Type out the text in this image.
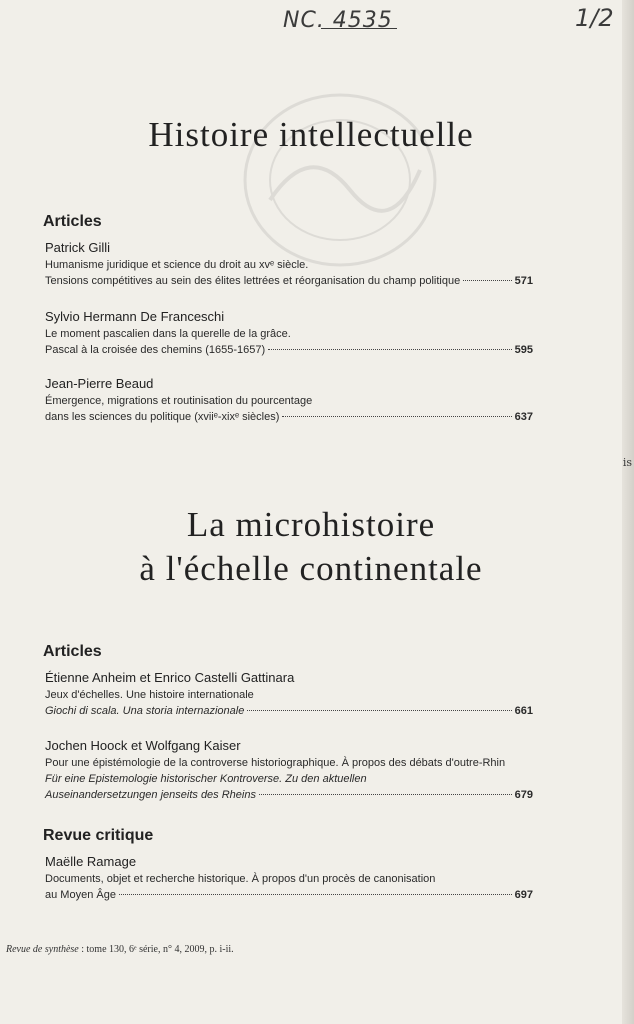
NC. 4535	1/2
is
Histoire intellectuelle
Articles
Patrick Gilli
Humanisme juridique et science du droit au xvᵉ siècle.
Tensions compétitives au sein des élites lettrées et réorganisation du champ politique	571
Sylvio Hermann De Franceschi
Le moment pascalien dans la querelle de la grâce.
Pascal à la croisée des chemins (1655-1657)	595
Jean-Pierre Beaud
Émergence, migrations et routinisation du pourcentage
dans les sciences du politique (xviiᵉ-xixᵉ siècles)	637
La microhistoire
à l'échelle continentale
Articles
Étienne Anheim et Enrico Castelli Gattinara
Jeux d'échelles. Une histoire internationale
Giochi di scala. Una storia internazionale	661
Jochen Hoock et Wolfgang Kaiser
Pour une épistémologie de la controverse historiographique. À propos des débats d'outre-Rhin
Für eine Epistemologie historischer Kontroverse. Zu den aktuellen
Auseinandersetzungen jenseits des Rheins	679
Revue critique
Maëlle Ramage
Documents, objet et recherche historique. À propos d'un procès de canonisation
au Moyen Âge	697
Revue de synthèse : tome 130, 6ᵉ série, n° 4, 2009, p. i-ii.
